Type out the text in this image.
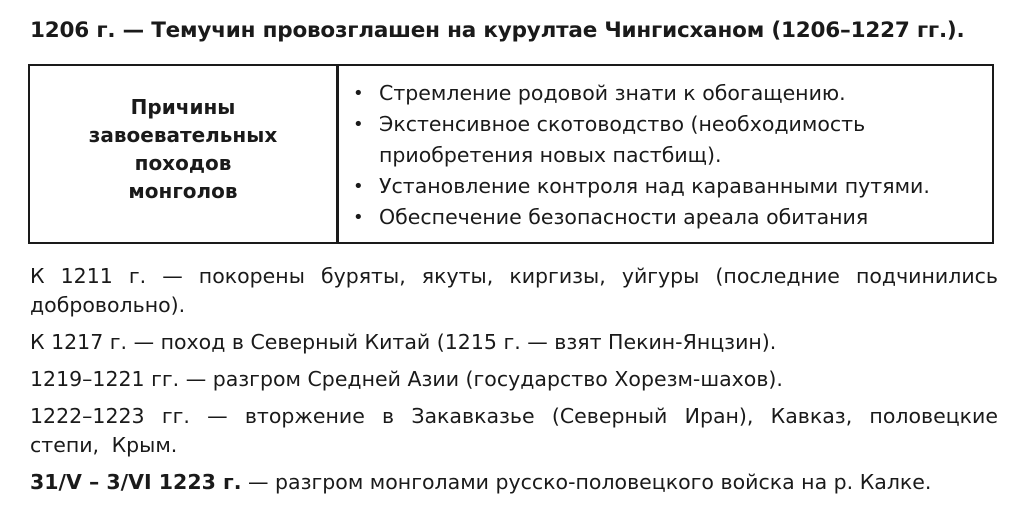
1206 г. — Темучин провозглашен на курултае Чингисханом (1206–1227 гг.).
Причины
завоевательных
походов
монголов
• Стремление родовой знати к обогащению.
• Экстенсивное скотоводство (необходимость приобретения новых пастбищ).
• Установление контроля над караванными путями.
• Обеспечение безопасности ареала обитания
К 1211 г. — покорены буряты, якуты, киргизы, уйгуры (последние подчинились добровольно).
К 1217 г. — поход в Северный Китай (1215 г. — взят Пекин-Янцзин).
1219–1221 гг. — разгром Средней Азии (государство Хорезм-шахов).
1222–1223 гг. — вторжение в Закавказье (Северный Иран), Кавказ, половецкие степи, Крым.
31/V – 3/VI 1223 г. — разгром монголами русско-половецкого войска на р. Калке.
